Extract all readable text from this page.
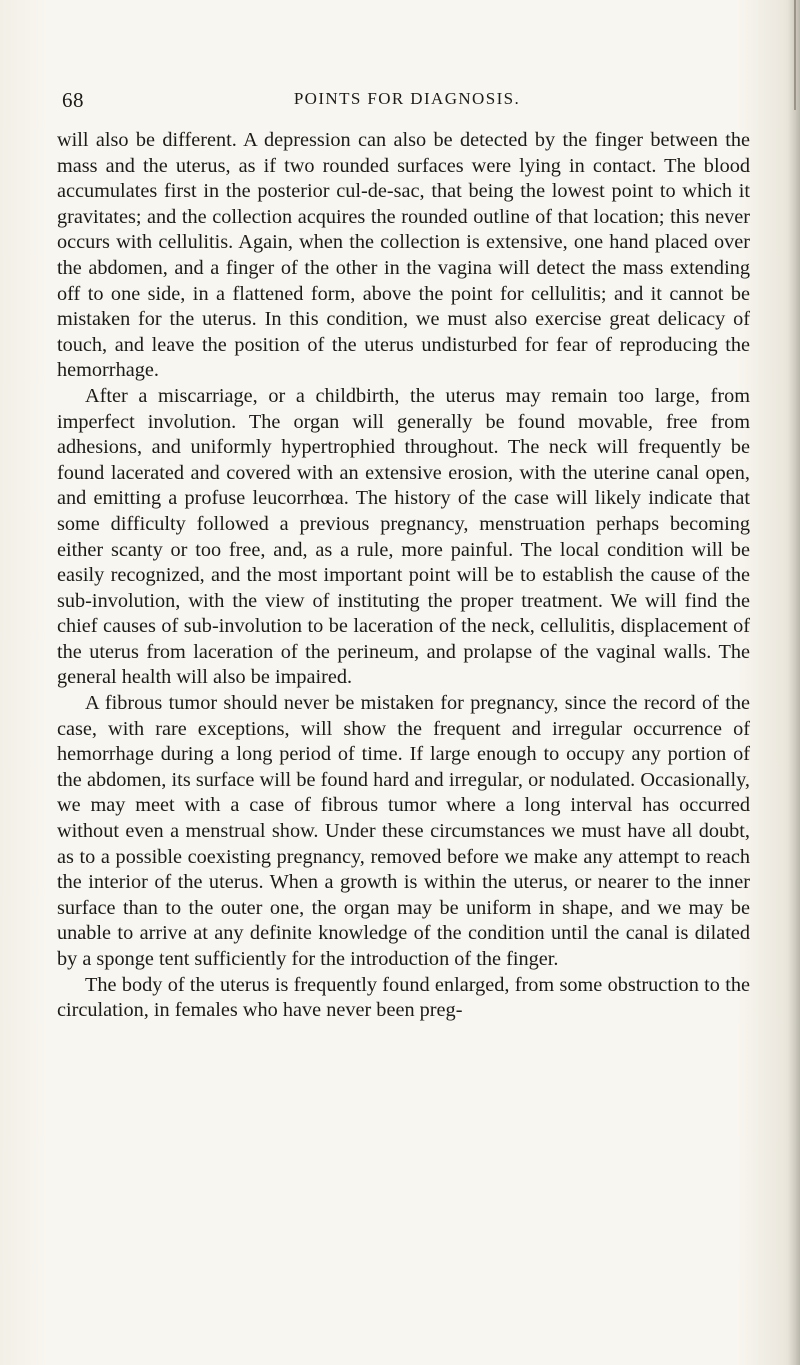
68	POINTS FOR DIAGNOSIS.

will also be different. A depression can also be detected by the finger between the mass and the uterus, as if two rounded surfaces were lying in contact. The blood accumulates first in the posterior cul-de-sac, that being the lowest point to which it gravitates; and the collection acquires the rounded outline of that location; this never occurs with cellulitis. Again, when the collection is extensive, one hand placed over the abdomen, and a finger of the other in the vagina will detect the mass extending off to one side, in a flattened form, above the point for cellulitis; and it cannot be mistaken for the uterus. In this condition, we must also exercise great delicacy of touch, and leave the position of the uterus undisturbed for fear of reproducing the hemorrhage.

After a miscarriage, or a childbirth, the uterus may remain too large, from imperfect involution. The organ will generally be found movable, free from adhesions, and uniformly hypertrophied throughout. The neck will frequently be found lacerated and covered with an extensive erosion, with the uterine canal open, and emitting a profuse leucorrhœa. The history of the case will likely indicate that some difficulty followed a previous pregnancy, menstruation perhaps becoming either scanty or too free, and, as a rule, more painful. The local condition will be easily recognized, and the most important point will be to establish the cause of the sub-involution, with the view of instituting the proper treatment. We will find the chief causes of sub-involution to be laceration of the neck, cellulitis, displacement of the uterus from laceration of the perineum, and prolapse of the vaginal walls. The general health will also be impaired.

A fibrous tumor should never be mistaken for pregnancy, since the record of the case, with rare exceptions, will show the frequent and irregular occurrence of hemorrhage during a long period of time. If large enough to occupy any portion of the abdomen, its surface will be found hard and irregular, or nodulated. Occasionally, we may meet with a case of fibrous tumor where a long interval has occurred without even a menstrual show. Under these circumstances we must have all doubt, as to a possible coexisting pregnancy, removed before we make any attempt to reach the interior of the uterus. When a growth is within the uterus, or nearer to the inner surface than to the outer one, the organ may be uniform in shape, and we may be unable to arrive at any definite knowledge of the condition until the canal is dilated by a sponge tent sufficiently for the introduction of the finger.

The body of the uterus is frequently found enlarged, from some obstruction to the circulation, in females who have never been preg-
